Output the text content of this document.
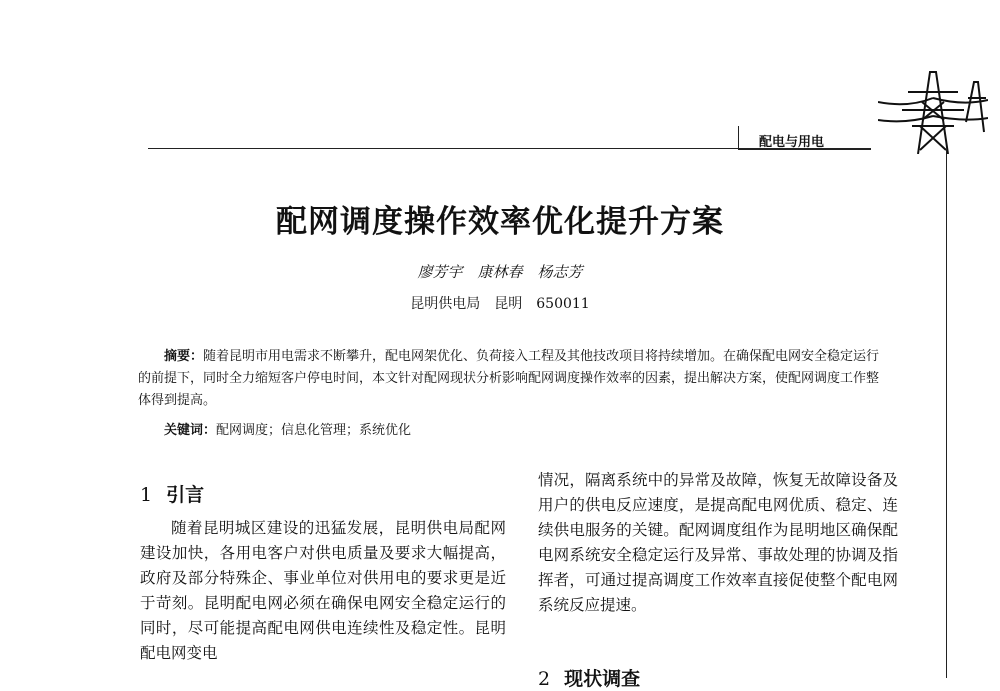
配电与用电
配网调度操作效率优化提升方案
廖芳宇　康林春　杨志芳
昆明供电局　昆明　650011

摘要：随着昆明市用电需求不断攀升，配电网架优化、负荷接入工程及其他技改项目将持续增加。在确保配电网安全稳定运行的前提下，同时全力缩短客户停电时间，本文针对配网现状分析影响配网调度操作效率的因素，提出解决方案，使配网调度工作整体得到提高。

关键词：配网调度；信息化管理；系统优化
1 引言

随着昆明城区建设的迅猛发展，昆明供电局配网建设加快，各用电客户对供电质量及要求大幅提高，政府及部分特殊企、事业单位对供用电的要求更是近于苛刻。昆明配电网必须在确保电网安全稳定运行的同时，尽可能提高配电网供电连续性及稳定性。昆明配电网变电

情况，隔离系统中的异常及故障，恢复无故障设备及用户的供电反应速度，是提高配电网优质、稳定、连续供电服务的关键。配网调度组作为昆明地区确保配电网系统安全稳定运行及异常、事故处理的协调及指挥者，可通过提高调度工作效率直接促使整个配电网系统反应提速。

2 现状调查
